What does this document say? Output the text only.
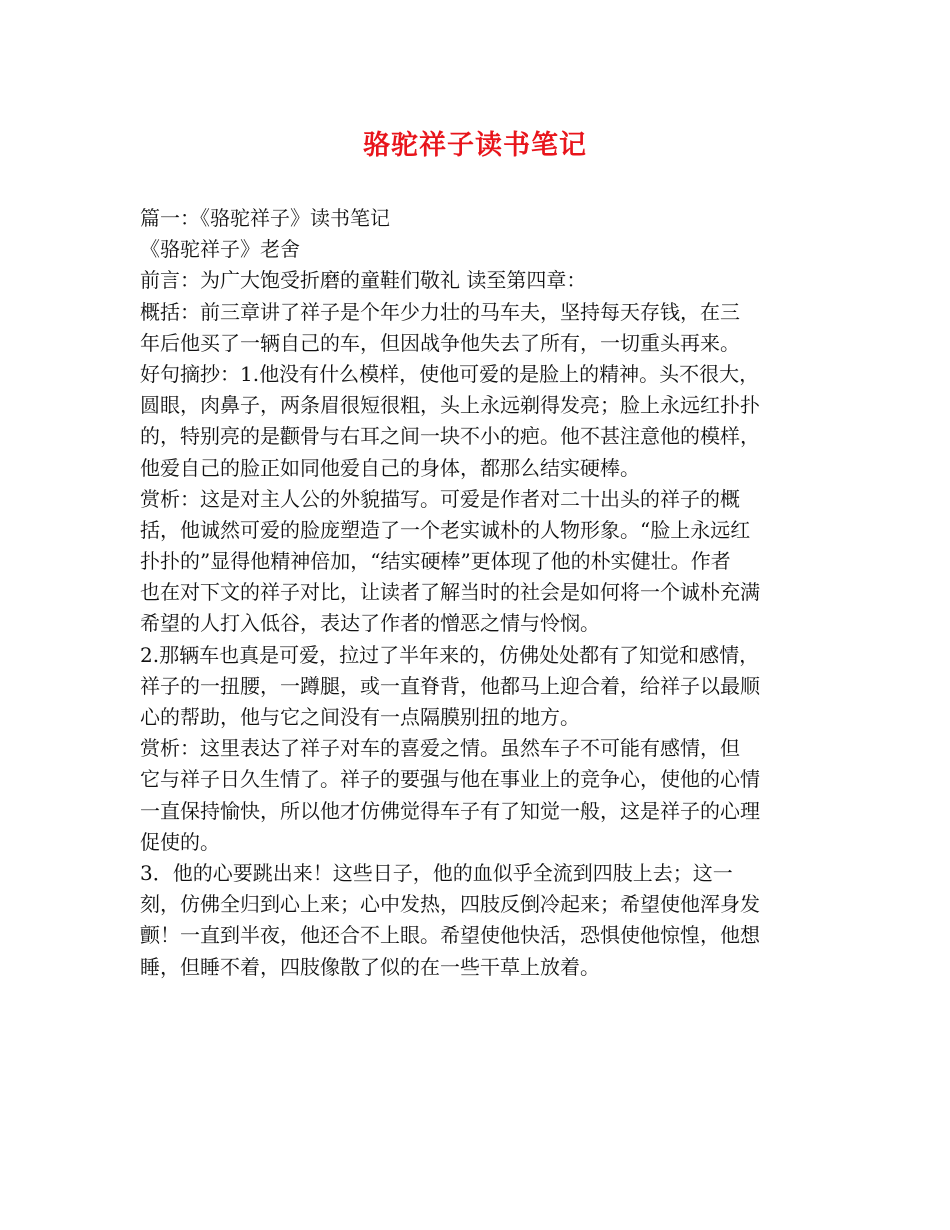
骆驼祥子读书笔记
篇一：《骆驼祥子》读书笔记
《骆驼祥子》老舍
前言：为广大饱受折磨的童鞋们敬礼 读至第四章：
概括：前三章讲了祥子是个年少力壮的马车夫，坚持每天存钱，在三
年后他买了一辆自己的车，但因战争他失去了所有，一切重头再来。
好句摘抄：1.他没有什么模样，使他可爱的是脸上的精神。头不很大，
圆眼，肉鼻子，两条眉很短很粗，头上永远剃得发亮；脸上永远红扑扑
的，特别亮的是颧骨与右耳之间一块不小的疤。他不甚注意他的模样，
他爱自己的脸正如同他爱自己的身体，都那么结实硬棒。
赏析：这是对主人公的外貌描写。可爱是作者对二十出头的祥子的概
括，他诚然可爱的脸庞塑造了一个老实诚朴的人物形象。“脸上永远红
扑扑的”显得他精神倍加，“结实硬棒”更体现了他的朴实健壮。作者
也在对下文的祥子对比，让读者了解当时的社会是如何将一个诚朴充满
希望的人打入低谷，表达了作者的憎恶之情与怜悯。
2.那辆车也真是可爱，拉过了半年来的，仿佛处处都有了知觉和感情，
祥子的一扭腰，一蹲腿，或一直脊背，他都马上迎合着，给祥子以最顺
心的帮助，他与它之间没有一点隔膜别扭的地方。
赏析：这里表达了祥子对车的喜爱之情。虽然车子不可能有感情，但
它与祥子日久生情了。祥子的要强与他在事业上的竞争心，使他的心情
一直保持愉快，所以他才仿佛觉得车子有了知觉一般，这是祥子的心理
促使的。
3．他的心要跳出来！这些日子，他的血似乎全流到四肢上去；这一
刻，仿佛全归到心上来；心中发热，四肢反倒冷起来；希望使他浑身发
颤！一直到半夜，他还合不上眼。希望使他快活，恐惧使他惊惶，他想
睡，但睡不着，四肢像散了似的在一些干草上放着。
